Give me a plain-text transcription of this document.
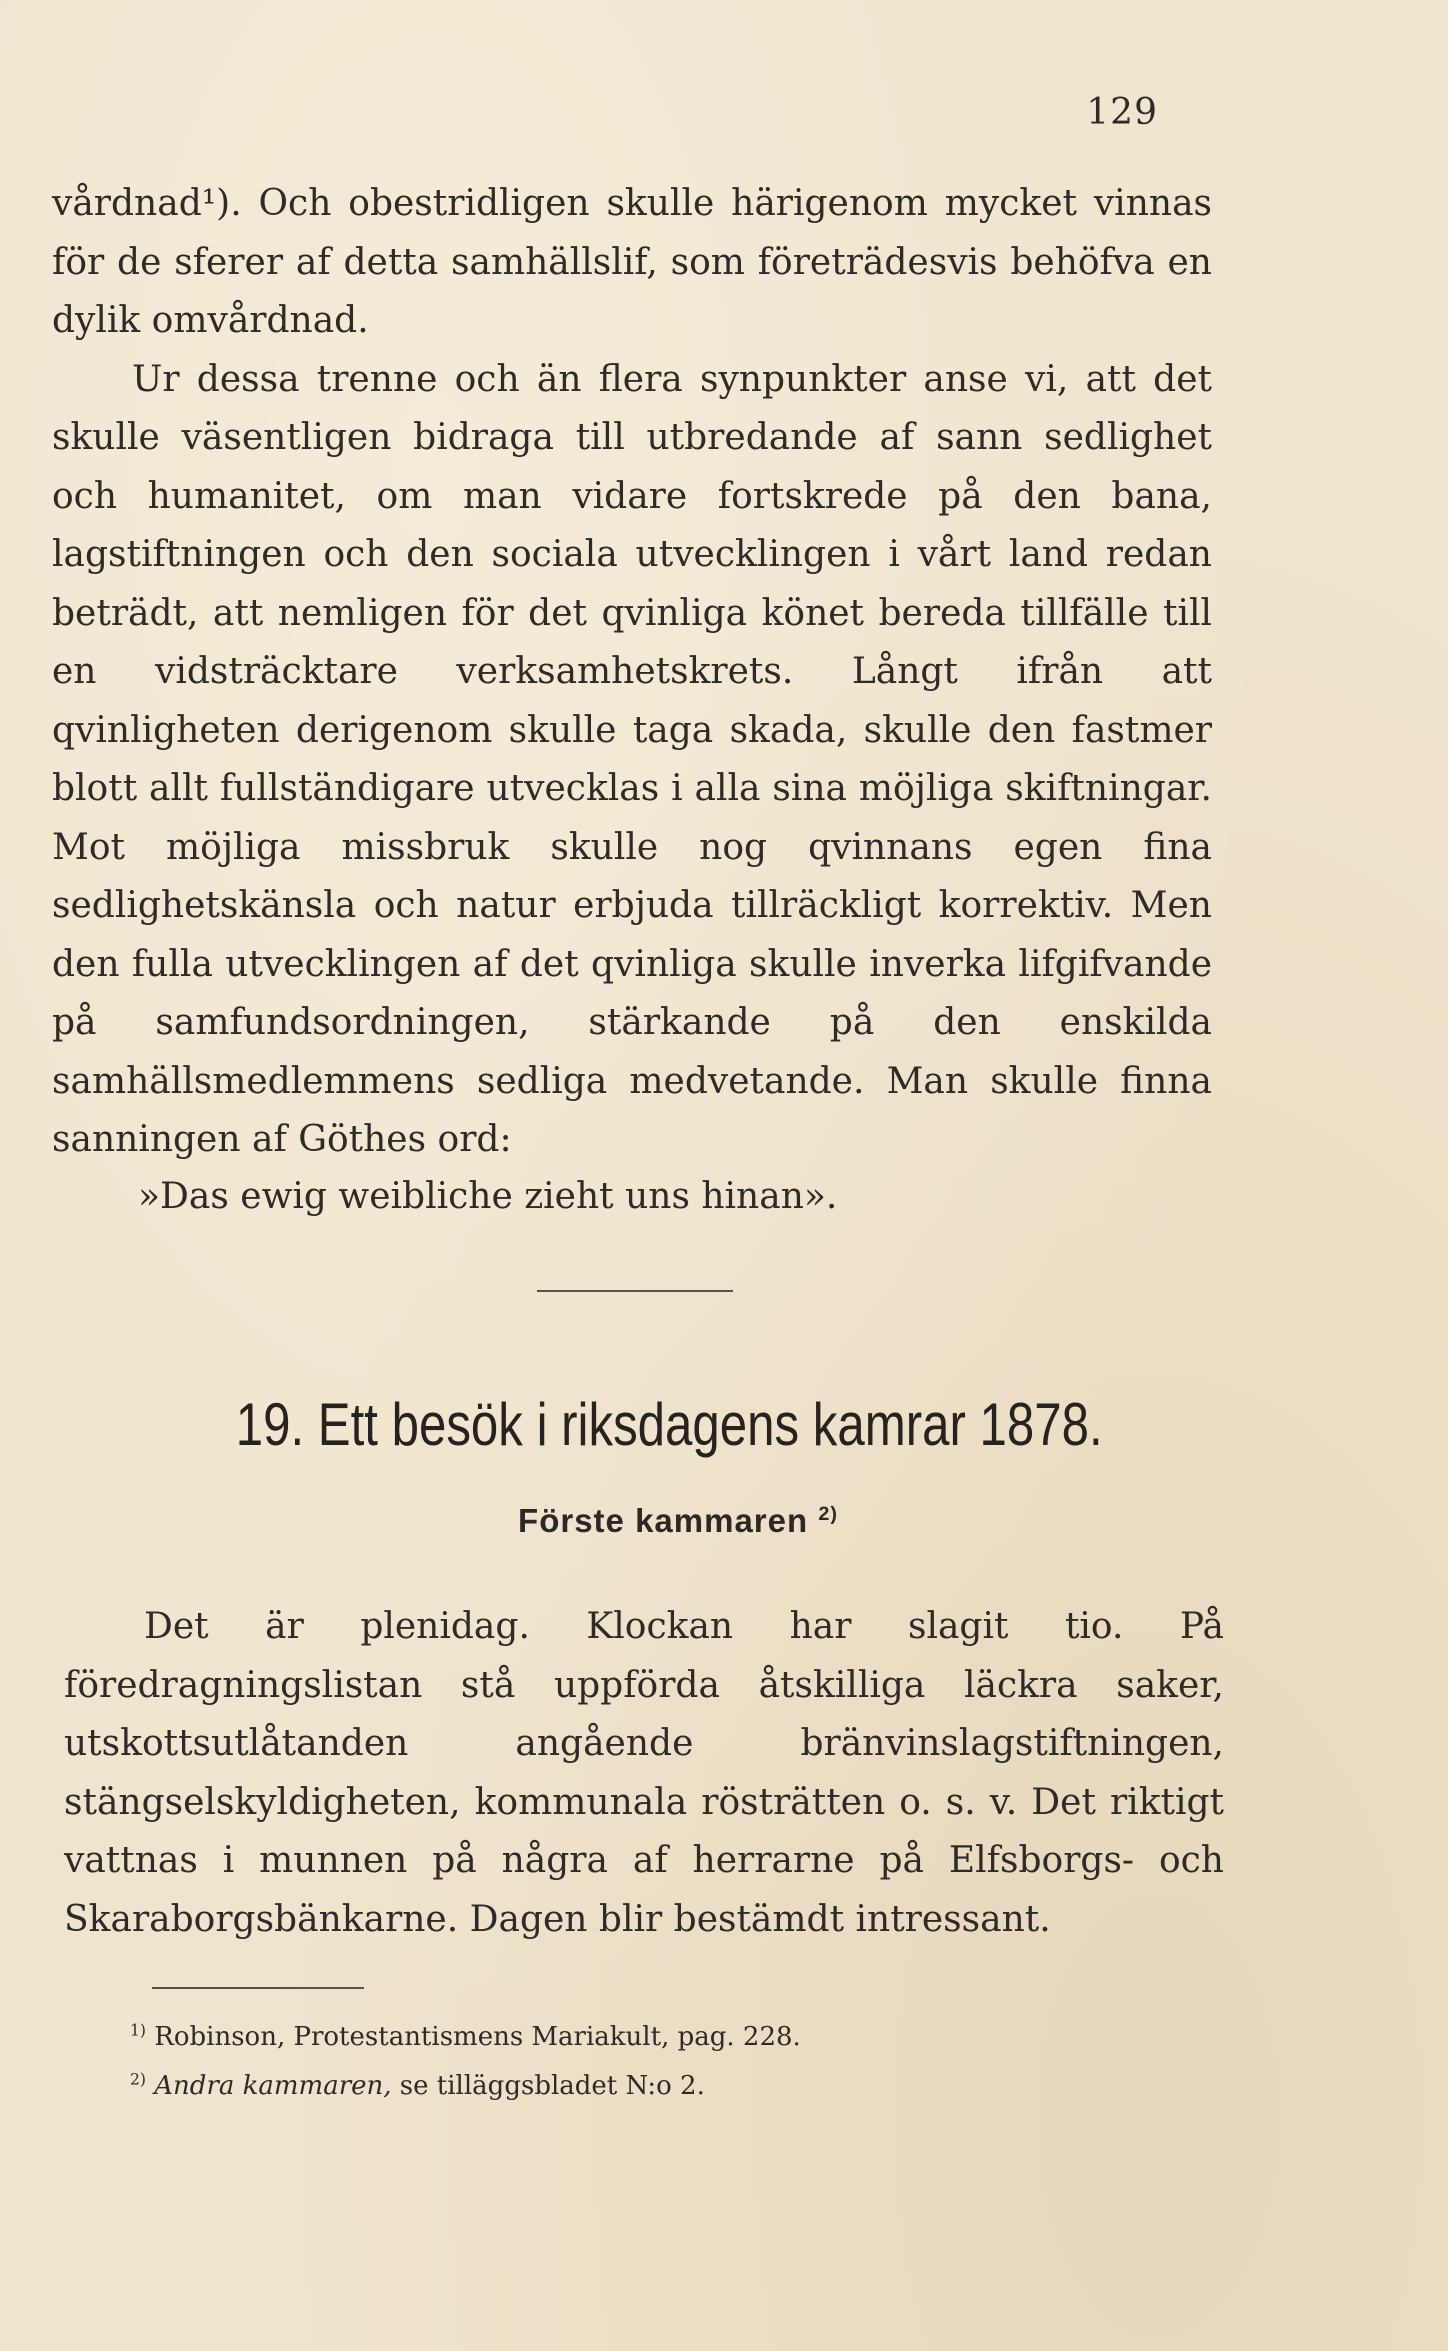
129

vårdnad¹). Och obestridligen skulle härigenom mycket vinnas för de sferer af detta samhällslif, som företrädesvis behöfva en dylik omvårdnad.

Ur dessa trenne och än flera synpunkter anse vi, att det skulle väsentligen bidraga till utbredande af sann sedlighet och humanitet, om man vidare fortskrede på den bana, lagstiftningen och den sociala utvecklingen i vårt land redan beträdt, att nemligen för det qvinliga könet bereda tillfälle till en vidsträcktare verksamhetskrets. Långt ifrån att qvinligheten derigenom skulle taga skada, skulle den fastmer blott allt fullständigare utvecklas i alla sina möjliga skiftningar. Mot möjliga missbruk skulle nog qvinnans egen fina sedlighetskänsla och natur erbjuda tillräckligt korrektiv. Men den fulla utvecklingen af det qvinliga skulle inverka lifgifvande på samfundsordningen, stärkande på den enskilda samhällsmedlemmens sedliga medvetande. Man skulle finna sanningen af Göthes ord:

»Das ewig weibliche zieht uns hinan».
19. Ett besök i riksdagens kamrar 1878.
Förste kammaren $^{2)}$

Det är plenidag. Klockan har slagit tio. På föredragningslistan stå uppförda åtskilliga läckra saker, utskottsutlåtanden angående bränvinslagstiftningen, stängselskyldigheten, kommunala rösträtten o. s. v. Det riktigt vattnas i munnen på några af herrarne på Elfsborgs- och Skaraborgsbänkarne. Dagen blir bestämdt intressant.

$^{1)}$ Robinson, Protestantismens Mariakult, pag. 228.
$^{2)}$ Andra kammaren, se tilläggsbladet N:o 2.
